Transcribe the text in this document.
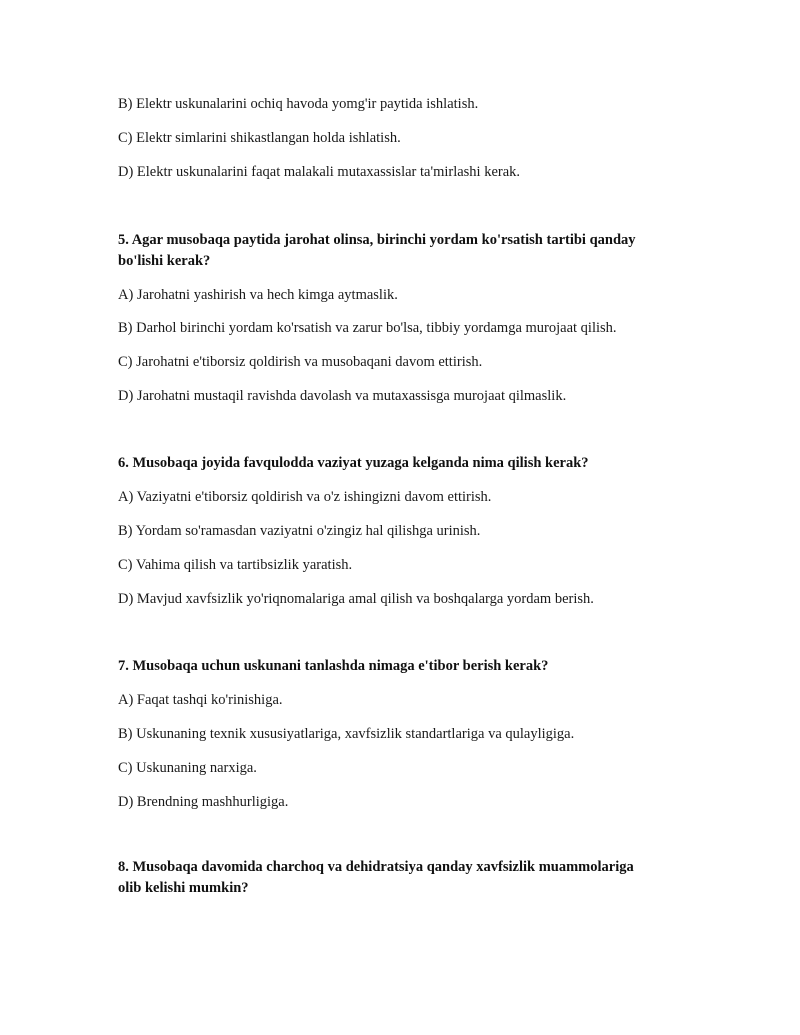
B) Elektr uskunalarini ochiq havoda yomg'ir paytida ishlatish.
C) Elektr simlarini shikastlangan holda ishlatish.
D) Elektr uskunalarini faqat malakali mutaxassislar ta'mirlashi kerak.
5. Agar musobaqa paytida jarohat olinsa, birinchi yordam ko'rsatish tartibi qanday
bo'lishi kerak?
A) Jarohatni yashirish va hech kimga aytmaslik.
B) Darhol birinchi yordam ko'rsatish va zarur bo'lsa, tibbiy yordamga murojaat qilish.
C) Jarohatni e'tiborsiz qoldirish va musobaqani davom ettirish.
D) Jarohatni mustaqil ravishda davolash va mutaxassisga murojaat qilmaslik.
6. Musobaqa joyida favqulodda vaziyat yuzaga kelganda nima qilish kerak?
A) Vaziyatni e'tiborsiz qoldirish va o'z ishingizni davom ettirish.
B) Yordam so'ramasdan vaziyatni o'zingiz hal qilishga urinish.
C) Vahima qilish va tartibsizlik yaratish.
D) Mavjud xavfsizlik yo'riqnomalariga amal qilish va boshqalarga yordam berish.
7. Musobaqa uchun uskunani tanlashda nimaga e'tibor berish kerak?
A) Faqat tashqi ko'rinishiga.
B) Uskunaning texnik xususiyatlariga, xavfsizlik standartlariga va qulayligiga.
C) Uskunaning narxiga.
D) Brendning mashhurligiga.
8. Musobaqa davomida charchoq va dehidratsiya qanday xavfsizlik muammolariga
olib kelishi mumkin?
